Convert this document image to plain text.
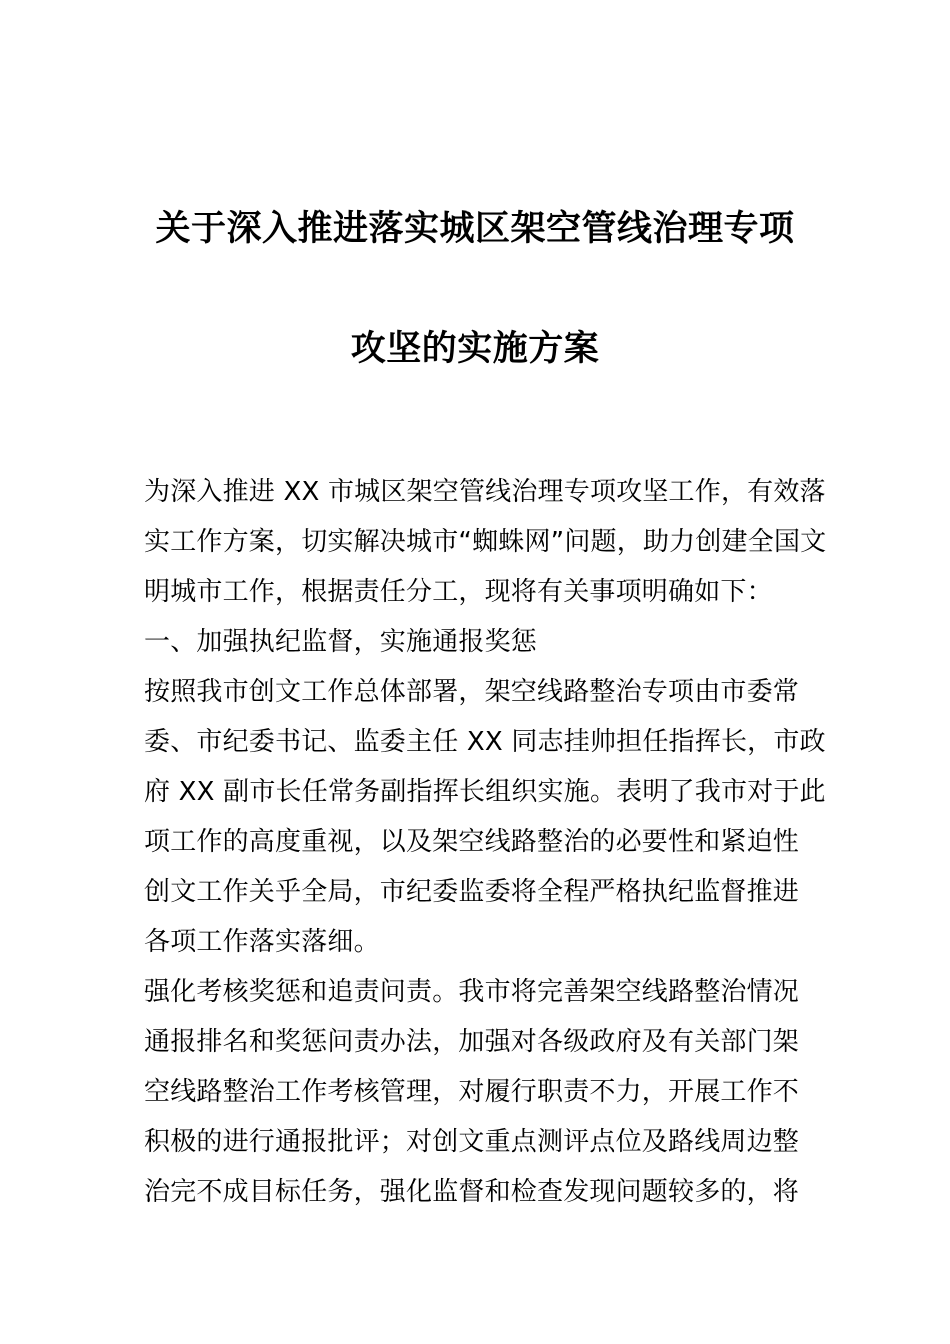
关于深入推进落实城区架空管线治理专项
攻坚的实施方案
为深入推进 XX 市城区架空管线治理专项攻坚工作，有效落
实工作方案，切实解决城市“蜘蛛网”问题，助力创建全国文
明城市工作，根据责任分工，现将有关事项明确如下：
一、加强执纪监督，实施通报奖惩
按照我市创文工作总体部署，架空线路整治专项由市委常
委、市纪委书记、监委主任 XX 同志挂帅担任指挥长，市政
府 XX 副市长任常务副指挥长组织实施。表明了我市对于此
项工作的高度重视，以及架空线路整治的必要性和紧迫性
创文工作关乎全局，市纪委监委将全程严格执纪监督推进
各项工作落实落细。
强化考核奖惩和追责问责。我市将完善架空线路整治情况
通报排名和奖惩问责办法，加强对各级政府及有关部门架
空线路整治工作考核管理，对履行职责不力，开展工作不
积极的进行通报批评；对创文重点测评点位及路线周边整
治完不成目标任务，强化监督和检查发现问题较多的，将
